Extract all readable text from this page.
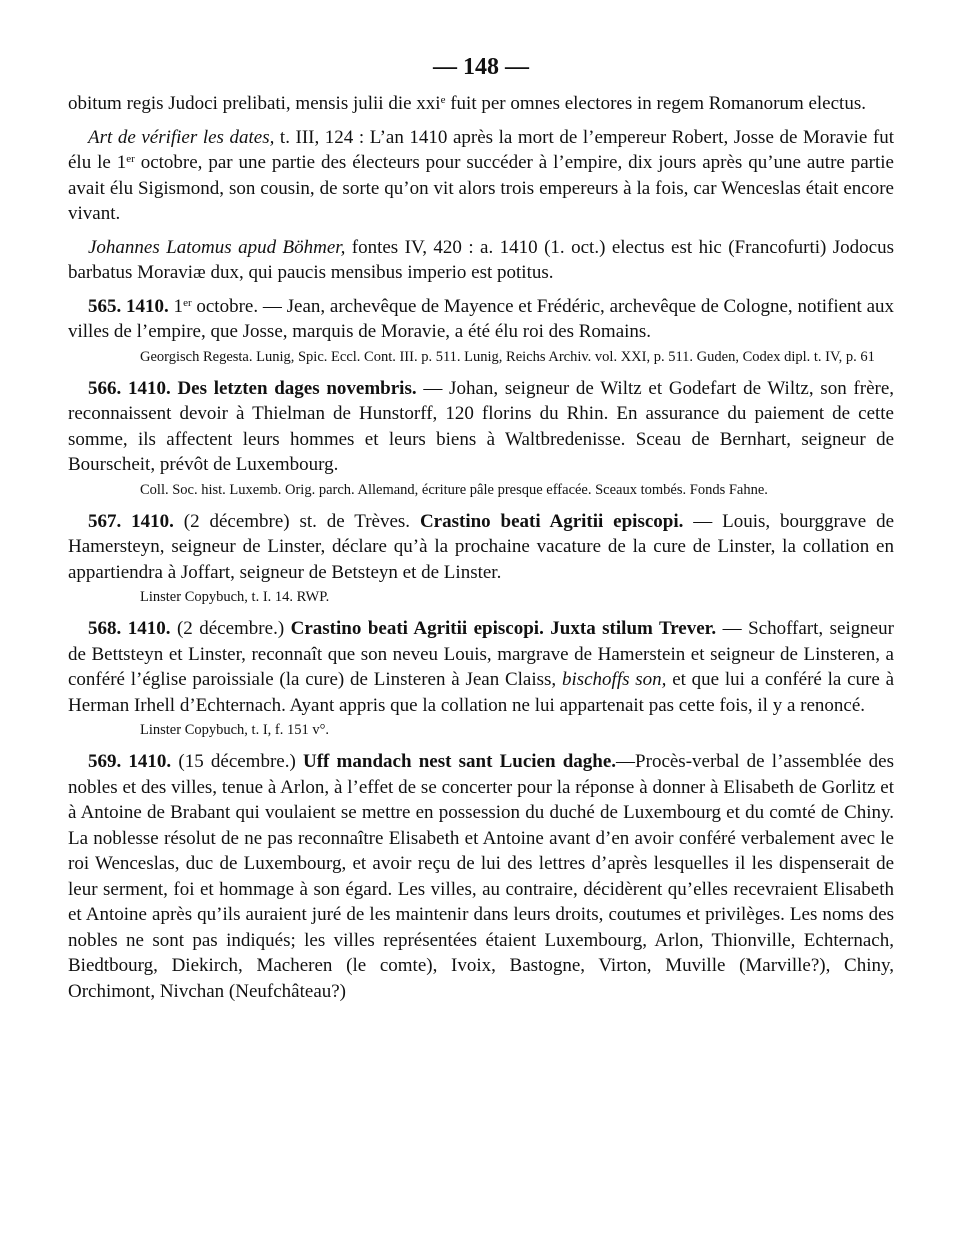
— 148 —

obitum regis Judoci prelibati, mensis julii die xxi$^e$ fuit per omnes electores in regem Romanorum electus.

Art de vérifier les dates, t. III, 124 : L’an 1410 après la mort de l’empereur Robert, Josse de Moravie fut élu le 1er octobre, par une partie des électeurs pour succéder à l’empire, dix jours après qu’une autre partie avait élu Sigismond, son cousin, de sorte qu’on vit alors trois empereurs à la fois, car Wenceslas était encore vivant.

Johannes Latomus apud Böhmer, fontes IV, 420 : a. 1410 (1. oct.) electus est hic (Francofurti) Jodocus barbatus Moraviæ dux, qui paucis mensibus imperio est potitus.

565. 1410. 1er octobre. — Jean, archevêque de Mayence et Frédéric, archevêque de Cologne, notifient aux villes de l’empire, que Josse, marquis de Moravie, a été élu roi des Romains.

Georgisch Regesta. Lunig, Spic. Eccl. Cont. III. p. 511. Lunig, Reichs Archiv. vol. XXI, p. 511. Guden, Codex dipl. t. IV, p. 61

566. 1410. Des letzten dages novembris. — Johan, seigneur de Wiltz et Godefart de Wiltz, son frère, reconnaissent devoir à Thielman de Hunstorff, 120 florins du Rhin. En assurance du paiement de cette somme, ils affectent leurs hommes et leurs biens à Waltbredenisse. Sceau de Bernhart, seigneur de Bourscheit, prévôt de Luxembourg.

Coll. Soc. hist. Luxemb. Orig. parch. Allemand, écriture pâle presque effacée. Sceaux tombés. Fonds Fahne.

567. 1410. (2 décembre) st. de Trèves. Crastino beati Agritii episcopi. — Louis, bourggrave de Hamersteyn, seigneur de Linster, déclare qu’à la prochaine vacature de la cure de Linster, la collation en appartiendra à Joffart, seigneur de Betsteyn et de Linster.

Linster Copybuch, t. I. 14. RWP.

568. 1410. (2 décembre.) Crastino beati Agritii episcopi. Juxta stilum Trever. — Schoffart, seigneur de Bettsteyn et Linster, reconnaît que son neveu Louis, margrave de Hamerstein et seigneur de Linsteren, a conféré l’église paroissiale (la cure) de Linsteren à Jean Claiss, bischoffs son, et que lui a conféré la cure à Herman Irhell d’Echternach. Ayant appris que la collation ne lui appartenait pas cette fois, il y a renoncé.

Linster Copybuch, t. I, f. 151 v°.

569. 1410. (15 décembre.) Uff mandach nest sant Lucien daghe.—Procès-verbal de l’assemblée des nobles et des villes, tenue à Arlon, à l’effet de se concerter pour la réponse à donner à Elisabeth de Gorlitz et à Antoine de Brabant qui voulaient se mettre en possession du duché de Luxembourg et du comté de Chiny. La noblesse résolut de ne pas reconnaître Elisabeth et Antoine avant d’en avoir conféré verbalement avec le roi Wenceslas, duc de Luxembourg, et avoir reçu de lui des lettres d’après lesquelles il les dispenserait de leur serment, foi et hommage à son égard. Les villes, au contraire, décidèrent qu’elles recevraient Elisabeth et Antoine après qu’ils auraient juré de les maintenir dans leurs droits, coutumes et privilèges. Les noms des nobles ne sont pas indiqués; les villes représentées étaient Luxembourg, Arlon, Thionville, Echternach, Biedtbourg, Diekirch, Macheren (le comte), Ivoix, Bastogne, Virton, Muville (Marville?), Chiny, Orchimont, Nivchan (Neufchâteau?)
